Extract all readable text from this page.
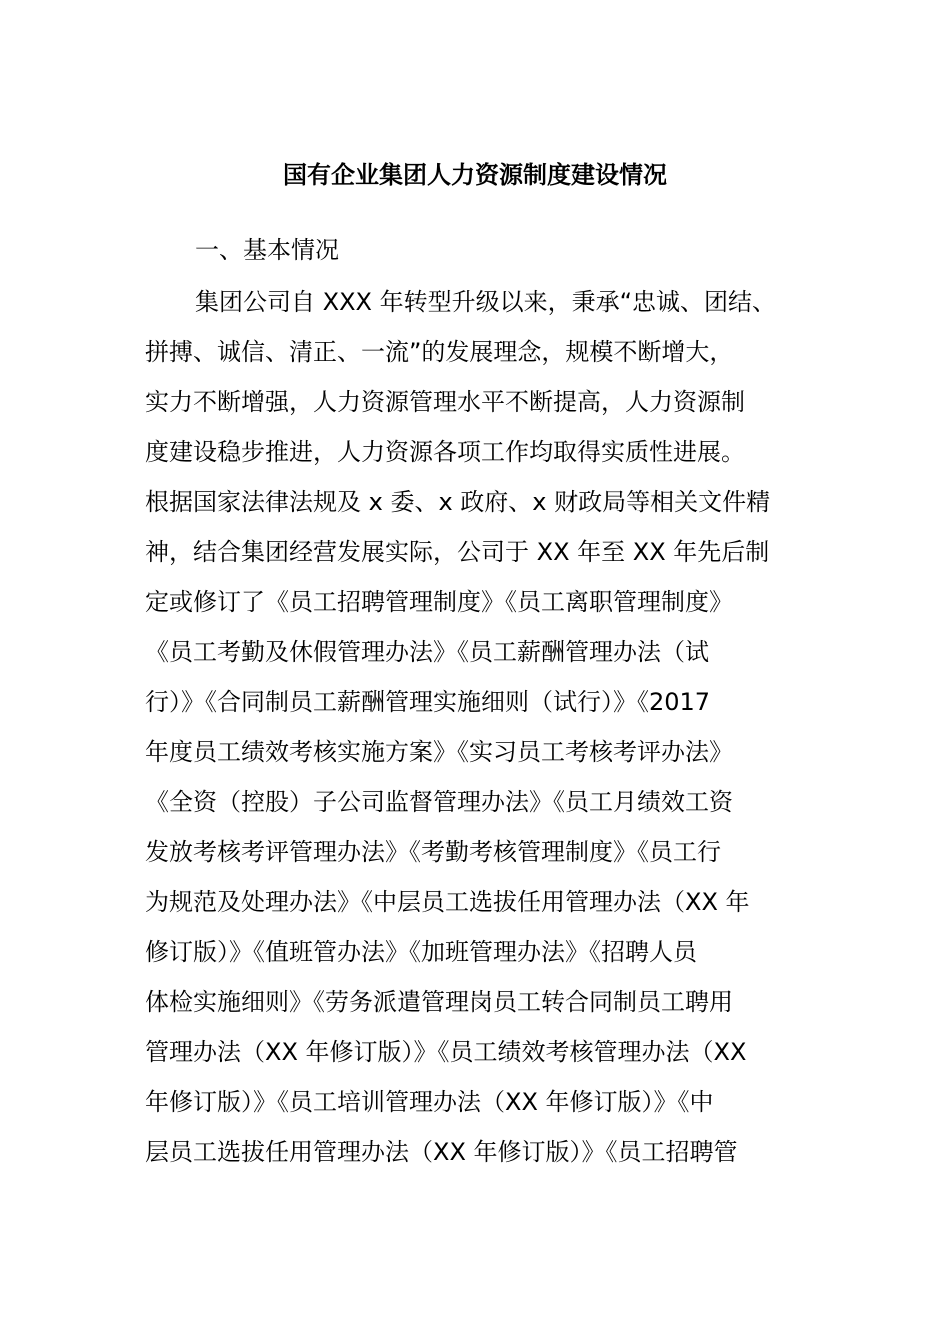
国有企业集团人力资源制度建设情况
一、基本情况
集团公司自 XXX 年转型升级以来，秉承“忠诚、团结、
拼搏、诚信、清正、一流”的发展理念，规模不断增大，
实力不断增强，人力资源管理水平不断提高，人力资源制
度建设稳步推进，人力资源各项工作均取得实质性进展。
根据国家法律法规及 x 委、x 政府、x 财政局等相关文件精
神，结合集团经营发展实际，公司于 XX 年至 XX 年先后制
定或修订了《员工招聘管理制度》《员工离职管理制度》
《员工考勤及休假管理办法》《员工薪酬管理办法（试
行）》《合同制员工薪酬管理实施细则（试行）》《2017
年度员工绩效考核实施方案》《实习员工考核考评办法》
《全资（控股）子公司监督管理办法》《员工月绩效工资
发放考核考评管理办法》《考勤考核管理制度》《员工行
为规范及处理办法》《中层员工选拔任用管理办法（XX 年
修订版）》《值班管办法》《加班管理办法》《招聘人员
体检实施细则》《劳务派遣管理岗员工转合同制员工聘用
管理办法（XX 年修订版）》《员工绩效考核管理办法（XX
年修订版）》《员工培训管理办法（XX 年修订版）》《中
层员工选拔任用管理办法（XX 年修订版）》《员工招聘管
